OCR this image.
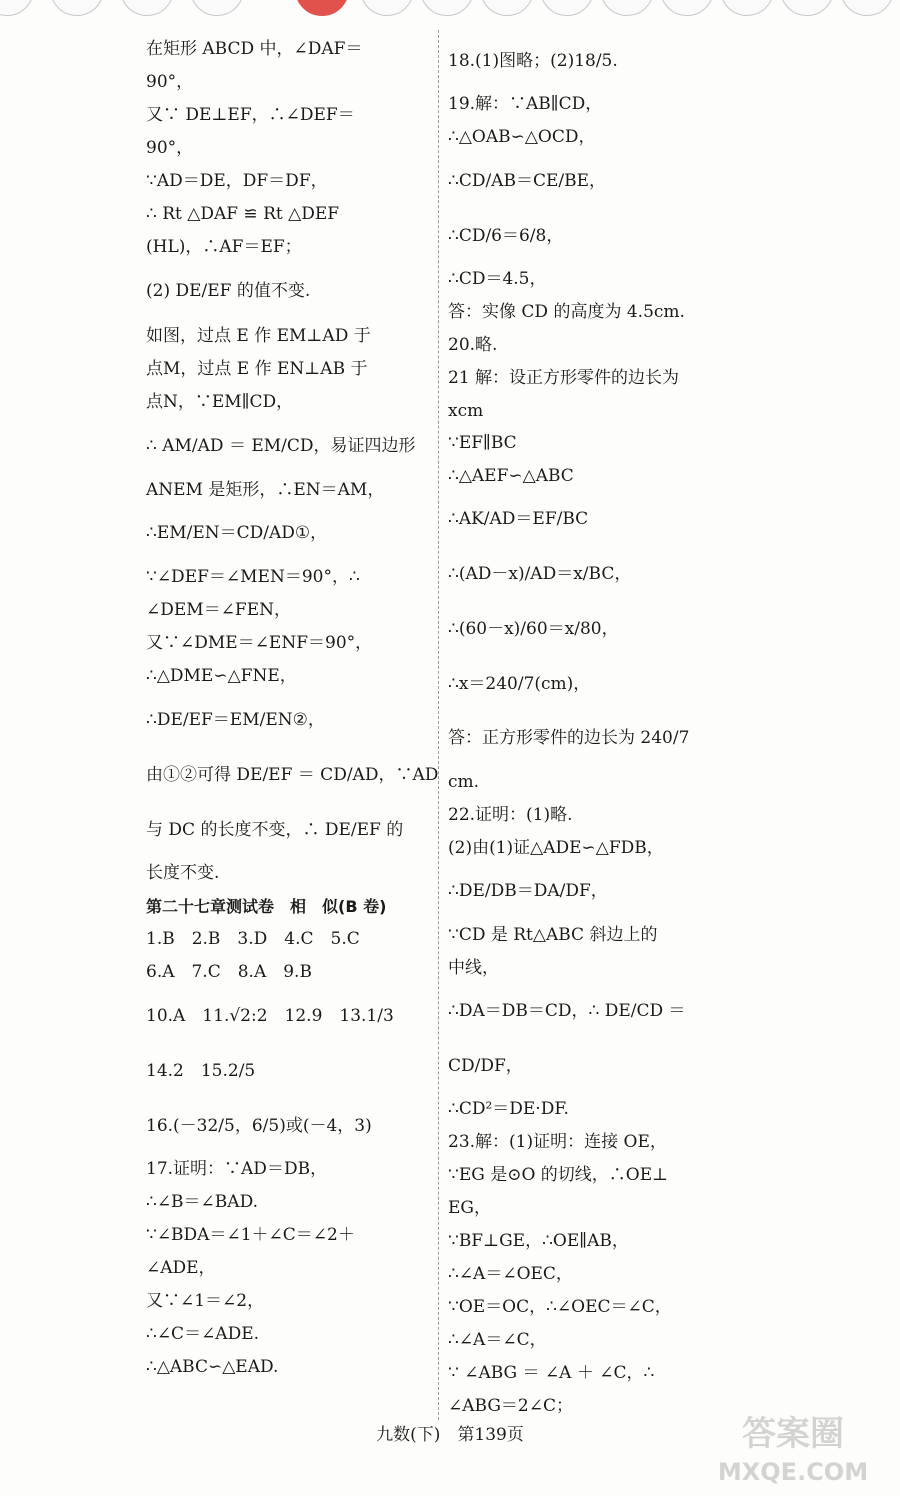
在矩形 ABCD 中，∠DAF＝
90°，
又∵ DE⊥EF，∴∠DEF＝
90°，
∵AD＝DE，DF＝DF，
∴ Rt △DAF ≌ Rt △DEF
(HL)，∴AF＝EF；
(2) DE/EF 的值不变.
如图，过点 E 作 EM⊥AD 于
点M，过点 E 作 EN⊥AB 于
点N，∵EM∥CD，
∴ AM/AD ＝ EM/CD，易证四边形
ANEM 是矩形，∴EN＝AM，
∴EM/EN＝CD/AD①，
∵∠DEF＝∠MEN＝90°，∴
∠DEM＝∠FEN，
又∵∠DME＝∠ENF＝90°，
∴△DME∽△FNE，
∴DE/EF＝EM/EN②，
由①②可得 DE/EF ＝ CD/AD，∵AD
与 DC 的长度不变，∴ DE/EF 的
长度不变.
第二十七章测试卷　相　似(B 卷)
1.B　2.B　3.D　4.C　5.C
6.A　7.C　8.A　9.B
10.A　11.√2:2　12.9　13.1/3
14.2　15.2/5
16.(－32/5，6/5)或(－4，3)
17.证明：∵AD＝DB，
∴∠B＝∠BAD.
∵∠BDA＝∠1＋∠C＝∠2＋
∠ADE，
又∵∠1＝∠2，
∴∠C＝∠ADE.
∴△ABC∽△EAD.
18.(1)图略；(2)18/5.
19.解：∵AB∥CD，
∴△OAB∽△OCD，
∴CD/AB＝CE/BE，
∴CD/6＝6/8，
∴CD＝4.5，
答：实像 CD 的高度为 4.5cm.
20.略.
21 解：设正方形零件的边长为
xcm
∵EF∥BC
∴△AEF∽△ABC
∴AK/AD＝EF/BC
∴(AD－x)/AD＝x/BC，
∴(60－x)/60＝x/80，
∴x＝240/7(cm)，
答：正方形零件的边长为 240/7
cm.
22.证明：(1)略.
(2)由(1)证△ADE∽△FDB，
∴DE/DB＝DA/DF，
∵CD 是 Rt△ABC 斜边上的
中线，
∴DA＝DB＝CD，∴ DE/CD ＝
CD/DF，
∴CD²＝DE·DF.
23.解：(1)证明：连接 OE，
∵EG 是⊙O 的切线，∴OE⊥
EG，
∵BF⊥GE，∴OE∥AB，
∴∠A＝∠OEC，
∵OE＝OC，∴∠OEC＝∠C，
∴∠A＝∠C，
∵ ∠ABG ＝ ∠A ＋ ∠C，∴
∠ABG＝2∠C；
九数(下)　第139页	答案圈
MXQE.COM
